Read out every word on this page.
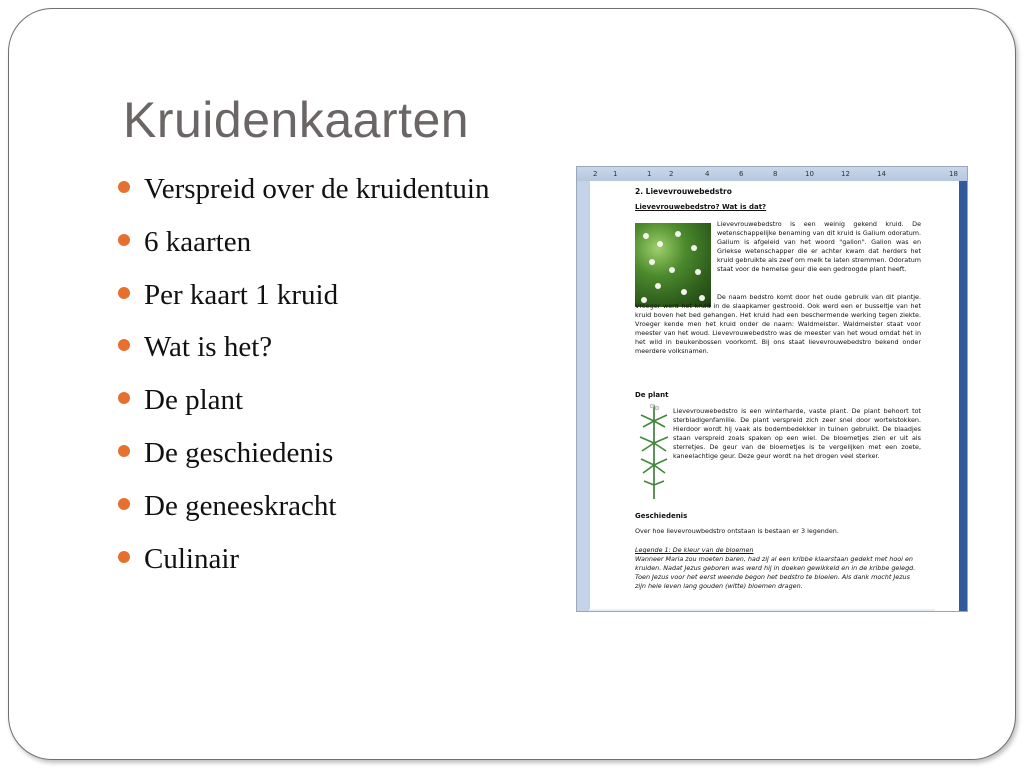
Kruidenkaarten
Verspreid over de kruidentuin
6 kaarten
Per kaart 1 kruid
Wat is het?
De plant
De geschiedenis
De geneeskracht
Culinair
2 1	1	2	4	6	8	10	12	14	18
2. Lievevrouwebedstro
Lievevrouwebedstro? Wat is dat?
Lievevrouwebedstro is een weinig gekend kruid. De wetenschappelijke benaming van dit kruid is Galium odoratum. Galium is afgeleid van het woord "galion". Galion was en Griekse wetenschapper die er achter kwam dat herders het kruid gebruikte als zeef om melk te laten stremmen. Odoratum staat voor de hemelse geur die een gedroogde plant heeft.
De naam bedstro komt door het oude gebruik van dit plantje. Vroeger werd het kruid in de slaapkamer gestrooid. Ook werd een er busseltje van het kruid boven het bed gehangen. Het kruid had een beschermende werking tegen ziekte. Vroeger kende men het kruid onder de naam: Waldmeister. Waldmeister staat voor meester van het woud. Lievevrouwebedstro was de meester van het woud omdat het in het wild in beukenbossen voorkomt. Bij ons staat lievevrouwebedstro bekend onder meerdere volksnamen.
De plant
Lievevrouwebedstro is een winterharde, vaste plant. De plant behoort tot sterbladigenfamilie. De plant verspreid zich zeer snel door wortelstokken. Hierdoor wordt hij vaak als bodembedekker in tuinen gebruikt. De blaadjes staan verspreid zoals spaken op een wiel. De bloemetjes zien er uit als sterretjes. De geur van de bloemetjes is te vergelijken met een zoete, kaneelachtige geur. Deze geur wordt na het drogen veel sterker.
Geschiedenis
Over hoe lievevrouwbedstro ontstaan is bestaan er 3 legenden.
Legende 1: De kleur van de bloemen
Wanneer Maria zou moeten baren, had zij al een kribbe klaarstaan gedekt met hooi en kruiden. Nadat Jezus geboren was werd hij in doeken gewikkeld en in de kribbe gelegd. Toen Jezus voor het eerst weende begon het bedstro te bloeien. Als dank mocht Jezus zijn hele leven lang gouden (witte) bloemen dragen.
